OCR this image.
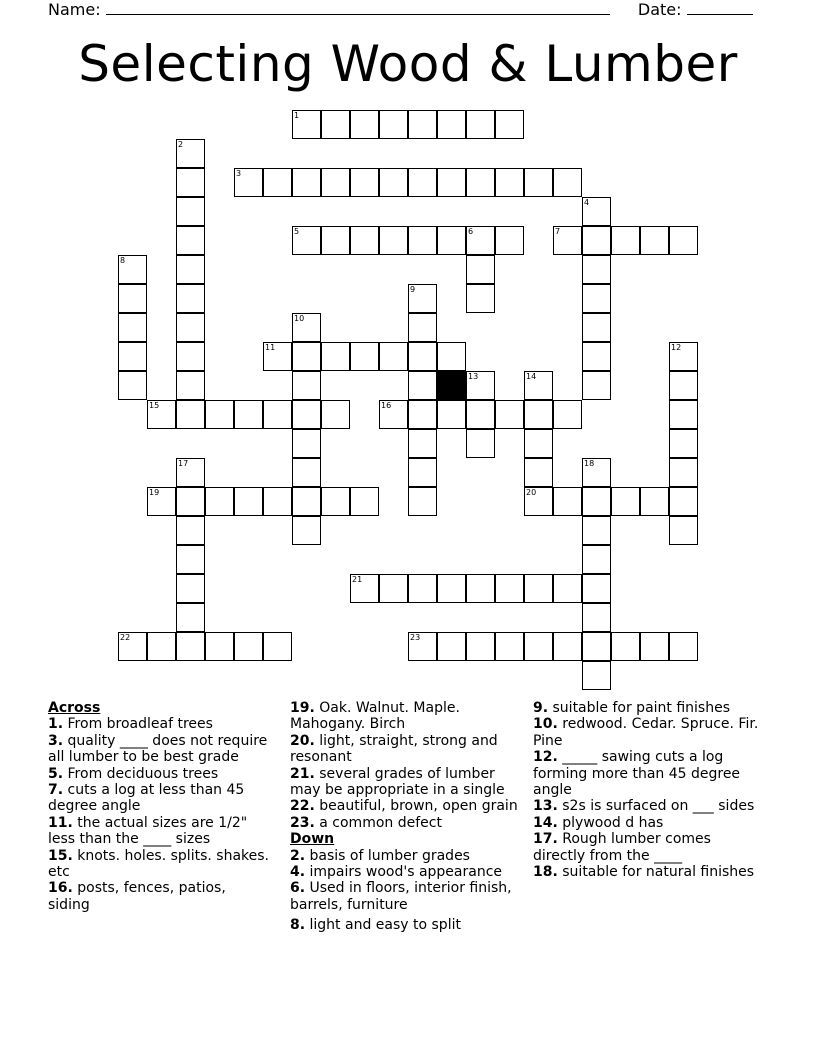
Name:	Date:
Selecting Wood & Lumber
1
2
3
4
5	6	7
8
9
10
11	12
13	14
15	16
17	18
19	20
21
22	23
Across

1. From broadleaf trees

3. quality ____ does not require all lumber to be best grade

5. From deciduous trees

7. cuts a log at less than 45 degree angle

11. the actual sizes are 1/2" less than the ____ sizes

15. knots. holes. splits. shakes. etc

16. posts, fences, patios, siding

19. Oak. Walnut. Maple. Mahogany. Birch

20. light, straight, strong and resonant

21. several grades of lumber may be appropriate in a single

22. beautiful, brown, open grain

23. a common defect

Down

2. basis of lumber grades

4. impairs wood's appearance

6. Used in floors, interior finish, barrels, furniture

8. light and easy to split

9. suitable for paint finishes

10. redwood. Cedar. Spruce. Fir. Pine

12. _____ sawing cuts a log forming more than 45 degree angle

13. s2s is surfaced on ___ sides

14. plywood d has

17. Rough lumber comes directly from the ____

18. suitable for natural finishes
